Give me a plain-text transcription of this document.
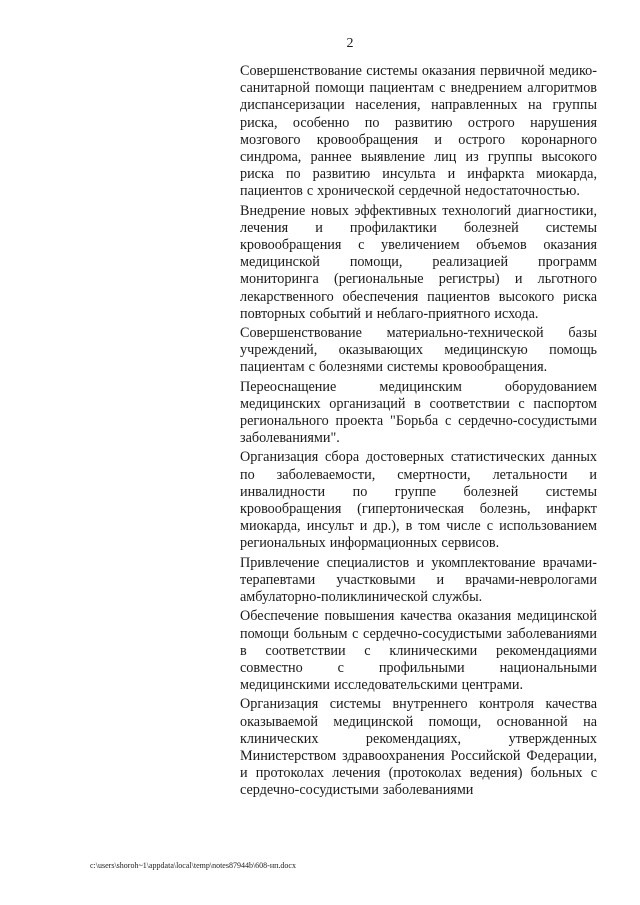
2

Совершенствование системы оказания первичной медико-санитарной помощи пациентам с внедрением алгоритмов диспансеризации населения, направленных на группы риска, особенно по развитию острого нарушения мозгового кровообращения и острого коронарного синдрома, раннее выявление лиц из группы высокого риска по развитию инсульта и инфаркта миокарда, пациентов с хронической сердечной недостаточностью.

Внедрение новых эффективных технологий диагностики, лечения и профилактики болезней системы кровообращения с увеличением объемов оказания медицинской помощи, реализацией программ мониторинга (региональные регистры) и льготного лекарственного обеспечения пациентов высокого риска повторных событий и неблаго-приятного исхода.

Совершенствование материально-технической базы учреждений, оказывающих медицинскую помощь пациентам с болезнями системы кровообращения.

Переоснащение медицинским оборудованием медицинских организаций в соответствии с паспортом регионального проекта "Борьба с сердечно-сосудистыми заболеваниями".

Организация сбора достоверных статистических данных по заболеваемости, смертности, летальности и инвалидности по группе болезней системы кровообращения (гипертоническая болезнь, инфаркт миокарда, инсульт и др.), в том числе с использованием региональных информационных сервисов.

Привлечение специалистов и укомплектование врачами-терапевтами участковыми и врачами-неврологами амбулаторно-поликлинической службы.

Обеспечение повышения качества оказания медицинской помощи больным с сердечно-сосудистыми заболеваниями в соответствии с клиническими рекомендациями совместно с профильными национальными медицинскими исследовательскими центрами.

Организация системы внутреннего контроля качества оказываемой медицинской помощи, основанной на клинических рекомендациях, утвержденных Министерством здравоохранения Российской Федерации, и протоколах лечения (протоколах ведения) больных с сердечно-сосудистыми заболеваниями

c:\users\shoroh~1\appdata\local\temp\notes87944b\608-нп.docx
